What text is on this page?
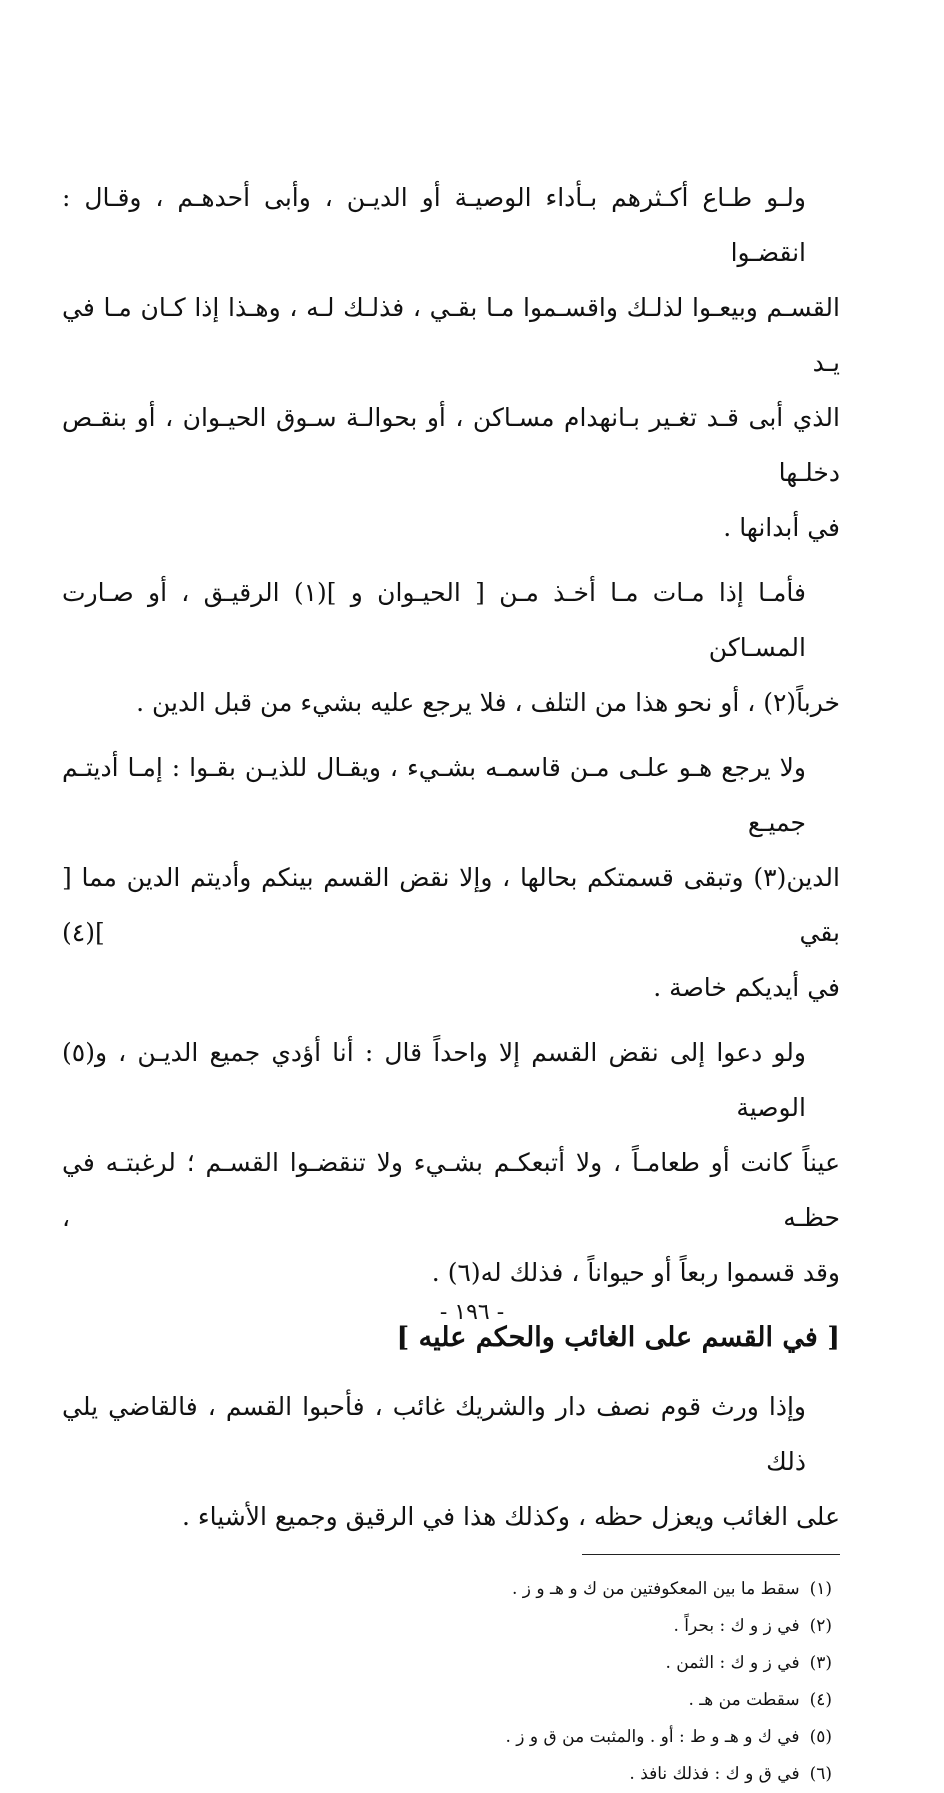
ولـو طـاع أكـثرهم بـأداء الوصيـة أو الديـن ، وأبى أحدهـم ، وقـال : انقضـوا
القسـم وبيعـوا لذلـك واقسـموا مـا بقـي ، فذلـك لـه ، وهـذا إذا كـان مـا في يـد
الذي أبى قـد تغـير بـانهدام مسـاكن ، أو بحوالـة سـوق الحيـوان ، أو بنقـص دخلـها
في أبدانها .
فأمـا إذا مـات مـا أخـذ مـن [ الحيـوان و ](١) الرقيـق ، أو صـارت المسـاكن
خرباً(٢) ، أو نحو هذا من التلف ، فلا يرجع عليه بشيء من قبل الدين .
ولا يرجع هـو علـى مـن قاسمـه بشـيء ، ويقـال للذيـن بقـوا : إمـا أديتـم جميـع
الدين(٣) وتبقى قسمتكم بحالها ، وإلا نقض القسم بينكم وأديتم الدين مما [ بقي ](٤)
في أيديكم خاصة .
ولو دعوا إلى نقض القسم إلا واحداً قال : أنا أؤدي جميع الديـن ، و(٥) الوصية
عيناً كانت أو طعامـاً ، ولا أتبعكـم بشـيء ولا تنقضـوا القسـم ؛ لرغبتـه في حظـه ،
وقد قسموا ربعاً أو حيواناً ، فذلك له(٦) .
[ في القسم على الغائب والحكم عليه ]
وإذا ورث قوم نصف دار والشريك غائب ، فأحبوا القسم ، فالقاضي يلي ذلك
على الغائب ويعزل حظه ، وكذلك هذا في الرقيق وجميع الأشياء .
(١)سقط ما بين المعكوفتين من ك و هـ و ز .
(٢)في ز و ك : بحراً .
(٣)في ز و ك : الثمن .
(٤)سقطت من هـ .
(٥)في ك و هـ و ط : أو . والمثبت من ق و ز .
(٦)في ق و ك : فذلك نافذ .
- ١٩٦ -
